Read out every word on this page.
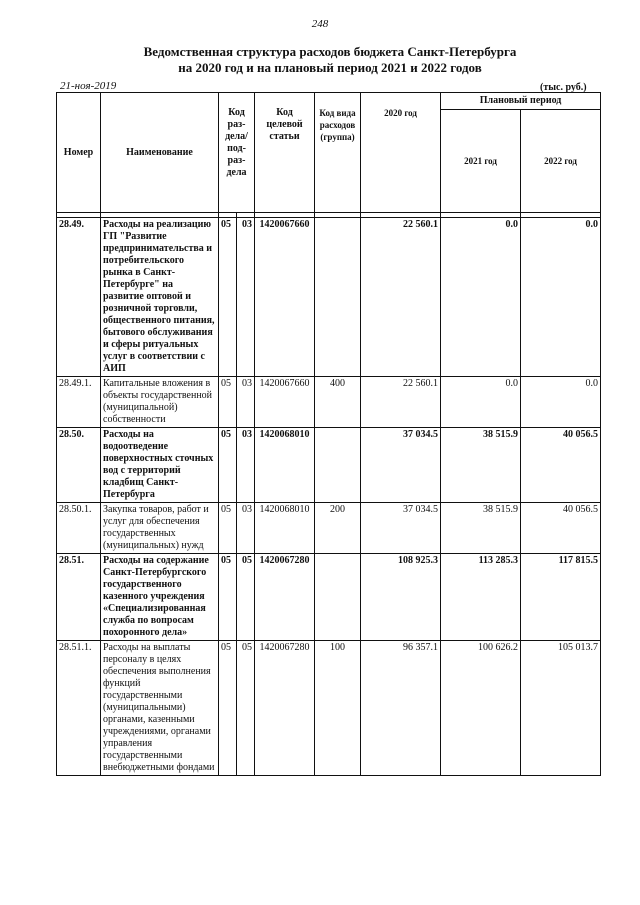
248
Ведомственная структура расходов бюджета Санкт-Петербурга
на 2020 год и на плановый период 2021 и 2022 годов
21-ноя-2019	(тыс. руб.)
Номер	Наименование	Код раз-дела/ под-раз-дела		Код целевой статьи	Код вида расходов (группа)	2020 год	Плановый период	
							2021 год	2022 год

28.49.	Расходы на реализацию ГП "Развитие предпринимательства и потребительского рынка в Санкт-Петербурге" на развитие оптовой и розничной торговли, общественного питания, бытового обслуживания и сферы ритуальных услуг в соответствии с АИП	05	03	1420067660		22 560.1	0.0	0.0
28.49.1.	Капитальные вложения в объекты государственной (муниципальной) собственности	05	03	1420067660	400	22 560.1	0.0	0.0
28.50.	Расходы на водоотведение поверхностных сточных вод с территорий кладбищ Санкт-Петербурга	05	03	1420068010		37 034.5	38 515.9	40 056.5
28.50.1.	Закупка товаров, работ и услуг для обеспечения государственных (муниципальных) нужд	05	03	1420068010	200	37 034.5	38 515.9	40 056.5
28.51.	Расходы на содержание Санкт-Петербургского государственного казенного учреждения «Специализированная служба по вопросам похоронного дела»	05	05	1420067280		108 925.3	113 285.3	117 815.5
28.51.1.	Расходы на выплаты персоналу в целях обеспечения выполнения функций государственными (муниципальными) органами, казенными учреждениями, органами управления государственными внебюджетными фондами	05	05	1420067280	100	96 357.1	100 626.2	105 013.7
